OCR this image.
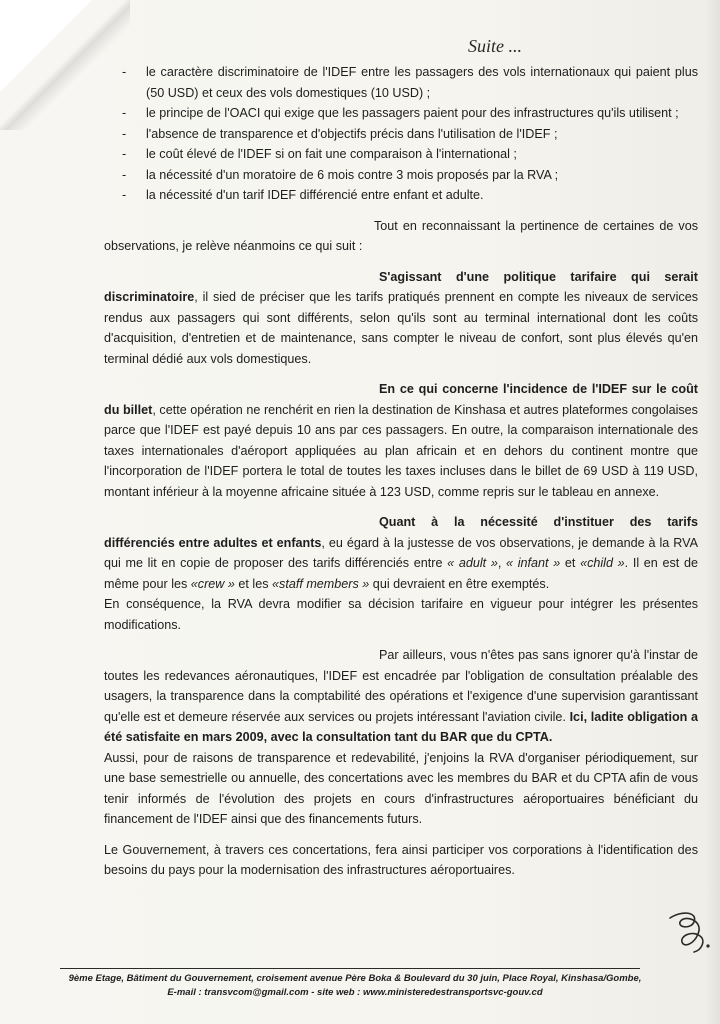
Suite ...
- le caractère discriminatoire de l'IDEF entre les passagers des vols internationaux qui paient plus (50 USD) et ceux des vols domestiques (10 USD) ;
- le principe de l'OACI qui exige que les passagers paient pour des infrastructures qu'ils utilisent ;
- l'absence de transparence et d'objectifs précis dans l'utilisation de l'IDEF ;
- le coût élevé de l'IDEF si on fait une comparaison à l'international ;
- la nécessité d'un moratoire de 6 mois contre 3 mois proposés par la RVA ;
- la nécessité d'un tarif IDEF différencié entre enfant et adulte.

Tout en reconnaissant la pertinence de certaines de vos observations, je relève néanmoins ce qui suit :

S'agissant d'une politique tarifaire qui serait discriminatoire, il sied de préciser que les tarifs pratiqués prennent en compte les niveaux de services rendus aux passagers qui sont différents, selon qu'ils sont au terminal international dont les coûts d'acquisition, d'entretien et de maintenance, sans compter le niveau de confort, sont plus élevés qu'en terminal dédié aux vols domestiques.

En ce qui concerne l'incidence de l'IDEF sur le coût du billet, cette opération ne renchérit en rien la destination de Kinshasa et autres plateformes congolaises parce que l'IDEF est payé depuis 10 ans par ces passagers. En outre, la comparaison internationale des taxes internationales d'aéroport appliquées au plan africain et en dehors du continent montre que l'incorporation de l'IDEF portera le total de toutes les taxes incluses dans le billet de 69 USD à 119 USD, montant inférieur à la moyenne africaine située à 123 USD, comme repris sur le tableau en annexe.

Quant à la nécessité d'instituer des tarifs différenciés entre adultes et enfants, eu égard à la justesse de vos observations, je demande à la RVA qui me lit en copie de proposer des tarifs différenciés entre « adult », « infant » et «child ». Il en est de même pour les «crew » et les «staff members » qui devraient en être exemptés.

En conséquence, la RVA devra modifier sa décision tarifaire en vigueur pour intégrer les présentes modifications.

Par ailleurs, vous n'êtes pas sans ignorer qu'à l'instar de toutes les redevances aéronautiques, l'IDEF est encadrée par l'obligation de consultation préalable des usagers, la transparence dans la comptabilité des opérations et l'exigence d'une supervision garantissant qu'elle est et demeure réservée aux services ou projets intéressant l'aviation civile. Ici, ladite obligation a été satisfaite en mars 2009, avec la consultation tant du BAR que du CPTA.

Aussi, pour de raisons de transparence et redevabilité, j'enjoins la RVA d'organiser périodiquement, sur une base semestrielle ou annuelle, des concertations avec les membres du BAR et du CPTA afin de vous tenir informés de l'évolution des projets en cours d'infrastructures aéroportuaires bénéficiant du financement de l'IDEF ainsi que des financements futurs.

Le Gouvernement, à travers ces concertations, fera ainsi participer vos corporations à l'identification des besoins du pays pour la modernisation des infrastructures aéroportuaires.

9ème Etage, Bâtiment du Gouvernement, croisement avenue Père Boka & Boulevard du 30 juin, Place Royal, Kinshasa/Gombe,
E-mail : transvcom@gmail.com - site web : www.ministeredestransportsvc-gouv.cd
